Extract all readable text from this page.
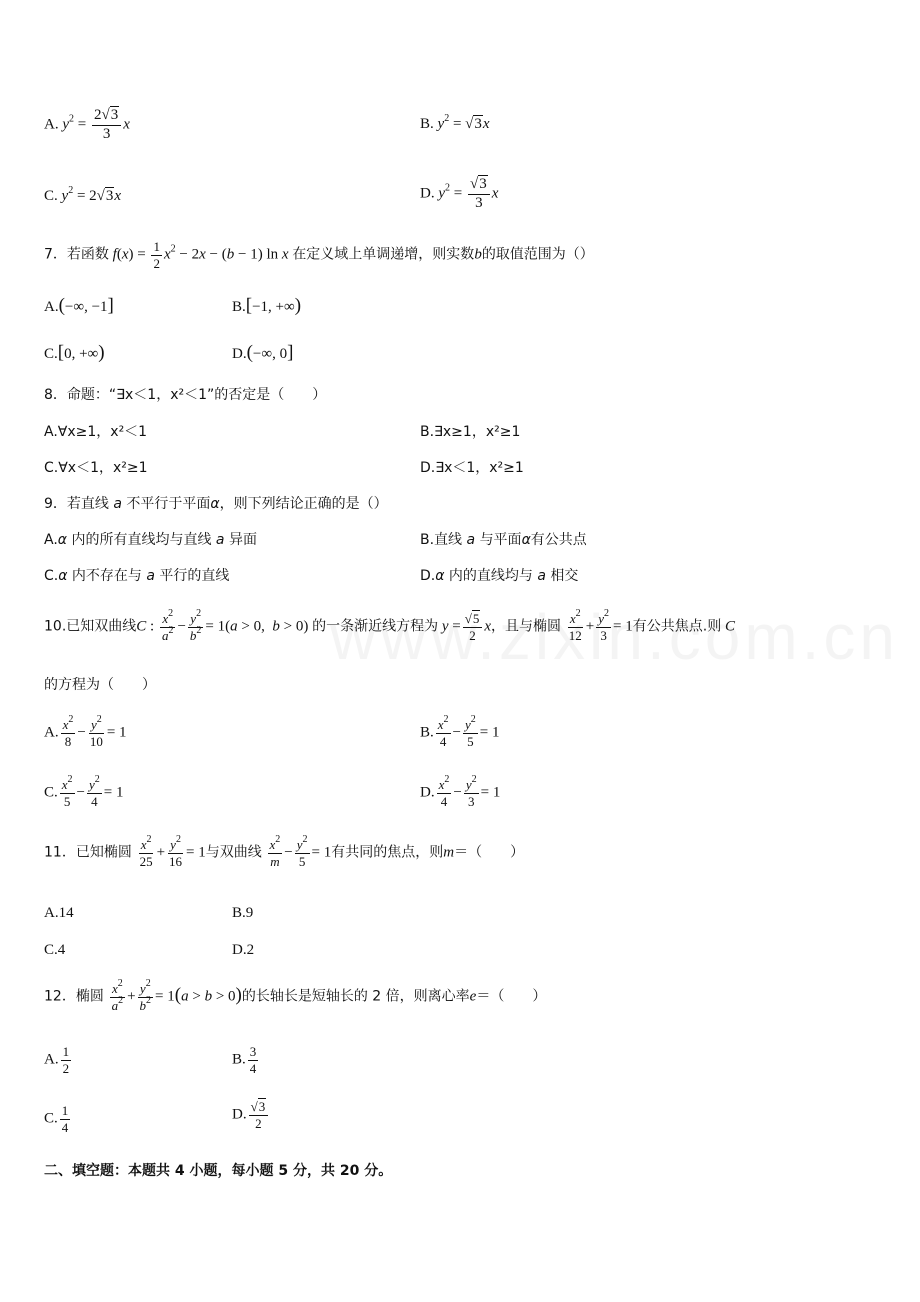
A. $y^2 = \frac{2√3}{3}$ x	B. $y^2 = √3x$
C. $y^2 = 2√3x$	D. $y^2 = \frac{√3}{3}$ x
7．若函数 $f(x) = \frac{1}{2} x^2 - 2x - (b - 1)$ ln x 在定义域上单调递增，则实数b的取值范围为（）
A.(−∞, −1]	B.[−1, +∞)
C.[0, +∞)	D.(−∞, 0]
8．命题：“∃x＜1，x²＜1”的否定是（　　）
A.∀x≥1，x²＜1	B.∃x≥1，x²≥1
C.∀x＜1，x²≥1	D.∃x＜1，x²≥1
9．若直线 a 不平行于平面α，则下列结论正确的是（）
A.α 内的所有直线均与直线 a 异面	B.直线 a 与平面α有公共点
C.α 内不存在与 a 平行的直线	D.α 内的直线均与 a 相交
10.已知双曲线C : $\frac{x^2}{a^2} - \frac{y^2}{b^2} = 1(a > 0$,  b > 0) 的一条渐近线方程为 $y = \frac{√5}{2}$ x，且与椭圆 $\frac{x^2}{12} + \frac{y^2}{3} = 1$有公共焦点.则 C
的方程为（　　）
A. $\frac{x^2}{8} - \frac{y^2}{10} = 1$	B. $\frac{x^2}{4} - \frac{y^2}{5} = 1$
C. $\frac{x^2}{5} - \frac{y^2}{4} = 1$	D. $\frac{x^2}{4} - \frac{y^2}{3} = 1$
11．已知椭圆 $\frac{x^2}{25} + \frac{y^2}{16} = 1$与双曲线 $\frac{x^2}{m} - \frac{y^2}{5} = 1$有共同的焦点，则m＝（　　）
A.14	B.9
C.4	D.2
12．椭圆 $\frac{x^2}{a^2} + \frac{y^2}{b^2} = 1(a > b > 0)$的长轴长是短轴长的 2 倍，则离心率e＝（　　）
A. $\frac{1}{2}$	B. $\frac{3}{4}$
C. $\frac{1}{4}$	D. $\frac{√3}{2}$
二、填空题：本题共 4 小题，每小题 5 分，共 20 分。
